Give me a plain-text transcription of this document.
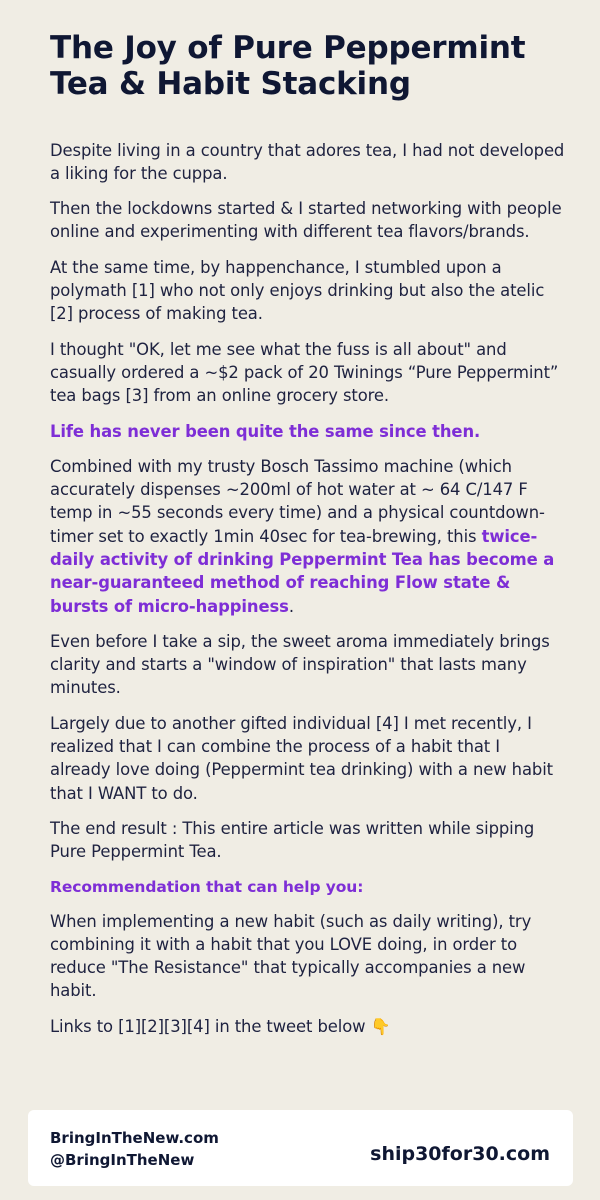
The Joy of Pure Peppermint Tea & Habit Stacking

Despite living in a country that adores tea, I had not developed a liking for the cuppa.

Then the lockdowns started & I started networking with people online and experimenting with different tea flavors/brands.

At the same time, by happenchance, I stumbled upon a polymath [1] who not only enjoys drinking but also the atelic [2] process of making tea.

I thought "OK, let me see what the fuss is all about" and casually ordered a ~$2 pack of 20 Twinings “Pure Peppermint” tea bags [3] from an online grocery store.

Life has never been quite the same since then.

Combined with my trusty Bosch Tassimo machine (which accurately dispenses ~200ml of hot water at ~ 64 C/147 F temp in ~55 seconds every time) and a physical countdown-timer set to exactly 1min 40sec for tea-brewing, this twice-daily activity of drinking Peppermint Tea has become a near-guaranteed method of reaching Flow state & bursts of micro-happiness.

Even before I take a sip, the sweet aroma immediately brings clarity and starts a "window of inspiration" that lasts many minutes.

Largely due to another gifted individual [4] I met recently, I realized that I can combine the process of a habit that I already love doing (Peppermint tea drinking) with a new habit that I WANT to do.

The end result : This entire article was written while sipping Pure Peppermint Tea.

Recommendation that can help you:

When implementing a new habit (such as daily writing), try combining it with a habit that you LOVE doing, in order to reduce "The Resistance" that typically accompanies a new habit.

Links to [1][2][3][4] in the tweet below 👇

BringInTheNew.com
@BringInTheNew	ship30for30.com
